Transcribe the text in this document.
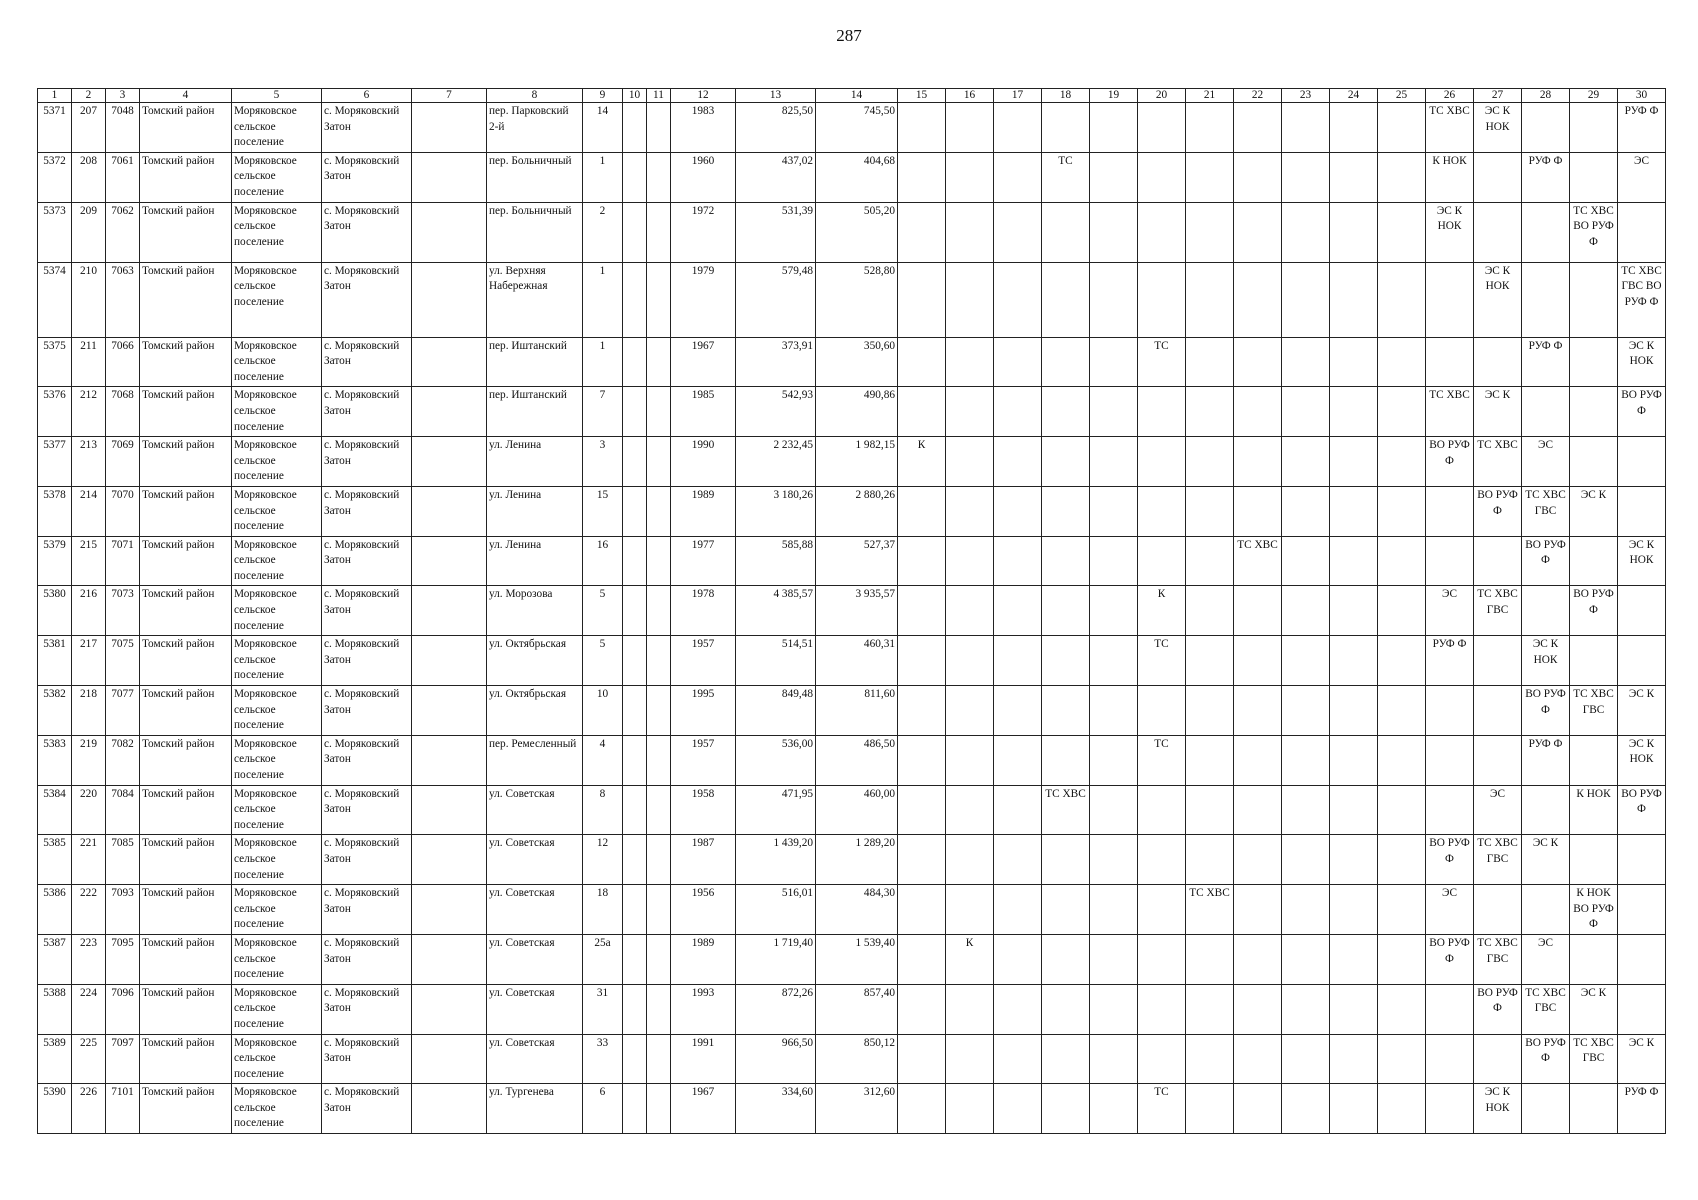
287
1	2	3	4	5	6	7	8	9	10	11	12	13	14	15	16	17	18	19	20	21	22	23	24	25	26	27	28	29	30
5371	207	7048	Томский район	Моряковское сельское поселение	с. Моряковский Затон		пер. Парковский 2-й	14			1983	825,50	745,50												ТС ХВС	ЭС К НОК			РУФ Ф
5372	208	7061	Томский район	Моряковское сельское поселение	с. Моряковский Затон		пер. Больничный	1			1960	437,02	404,68				ТС								К НОК		РУФ Ф		ЭС
5373	209	7062	Томский район	Моряковское сельское поселение	с. Моряковский Затон		пер. Больничный	2			1972	531,39	505,20												ЭС К НОК			ТС ХВС ВО РУФ Ф	
5374	210	7063	Томский район	Моряковское сельское поселение	с. Моряковский Затон		ул. Верхняя Набережная	1			1979	579,48	528,80													ЭС К НОК			ТС ХВС ГВС ВО РУФ Ф
5375	211	7066	Томский район	Моряковское сельское поселение	с. Моряковский Затон		пер. Иштанский	1			1967	373,91	350,60						ТС								РУФ Ф		ЭС К НОК
5376	212	7068	Томский район	Моряковское сельское поселение	с. Моряковский Затон		пер. Иштанский	7			1985	542,93	490,86												ТС ХВС	ЭС К			ВО РУФ Ф
5377	213	7069	Томский район	Моряковское сельское поселение	с. Моряковский Затон		ул. Ленина	3			1990	2 232,45	1 982,15	К											ВО РУФ Ф	ТС ХВС	ЭС		
5378	214	7070	Томский район	Моряковское сельское поселение	с. Моряковский Затон		ул. Ленина	15			1989	3 180,26	2 880,26													ВО РУФ Ф	ТС ХВС ГВС	ЭС К	
5379	215	7071	Томский район	Моряковское сельское поселение	с. Моряковский Затон		ул. Ленина	16			1977	585,88	527,37								ТС ХВС						ВО РУФ Ф		ЭС К НОК
5380	216	7073	Томский район	Моряковское сельское поселение	с. Моряковский Затон		ул. Морозова	5			1978	4 385,57	3 935,57						К						ЭС	ТС ХВС ГВС		ВО РУФ Ф	
5381	217	7075	Томский район	Моряковское сельское поселение	с. Моряковский Затон		ул. Октябрьская	5			1957	514,51	460,31						ТС						РУФ Ф		ЭС К НОК		
5382	218	7077	Томский район	Моряковское сельское поселение	с. Моряковский Затон		ул. Октябрьская	10			1995	849,48	811,60														ВО РУФ Ф	ТС ХВС ГВС	ЭС К
5383	219	7082	Томский район	Моряковское сельское поселение	с. Моряковский Затон		пер. Ремесленный	4			1957	536,00	486,50						ТС								РУФ Ф		ЭС К НОК
5384	220	7084	Томский район	Моряковское сельское поселение	с. Моряковский Затон		ул. Советская	8			1958	471,95	460,00				ТС ХВС									ЭС		К НОК	ВО РУФ Ф
5385	221	7085	Томский район	Моряковское сельское поселение	с. Моряковский Затон		ул. Советская	12			1987	1 439,20	1 289,20												ВО РУФ Ф	ТС ХВС ГВС	ЭС К		
5386	222	7093	Томский район	Моряковское сельское поселение	с. Моряковский Затон		ул. Советская	18			1956	516,01	484,30							ТС ХВС					ЭС			К НОК ВО РУФ Ф	
5387	223	7095	Томский район	Моряковское сельское поселение	с. Моряковский Затон		ул. Советская	25а			1989	1 719,40	1 539,40		К										ВО РУФ Ф	ТС ХВС ГВС	ЭС		
5388	224	7096	Томский район	Моряковское сельское поселение	с. Моряковский Затон		ул. Советская	31			1993	872,26	857,40													ВО РУФ Ф	ТС ХВС ГВС	ЭС К	
5389	225	7097	Томский район	Моряковское сельское поселение	с. Моряковский Затон		ул. Советская	33			1991	966,50	850,12														ВО РУФ Ф	ТС ХВС ГВС	ЭС К
5390	226	7101	Томский район	Моряковское сельское поселение	с. Моряковский Затон		ул. Тургенева	6			1967	334,60	312,60						ТС							ЭС К НОК			РУФ Ф
